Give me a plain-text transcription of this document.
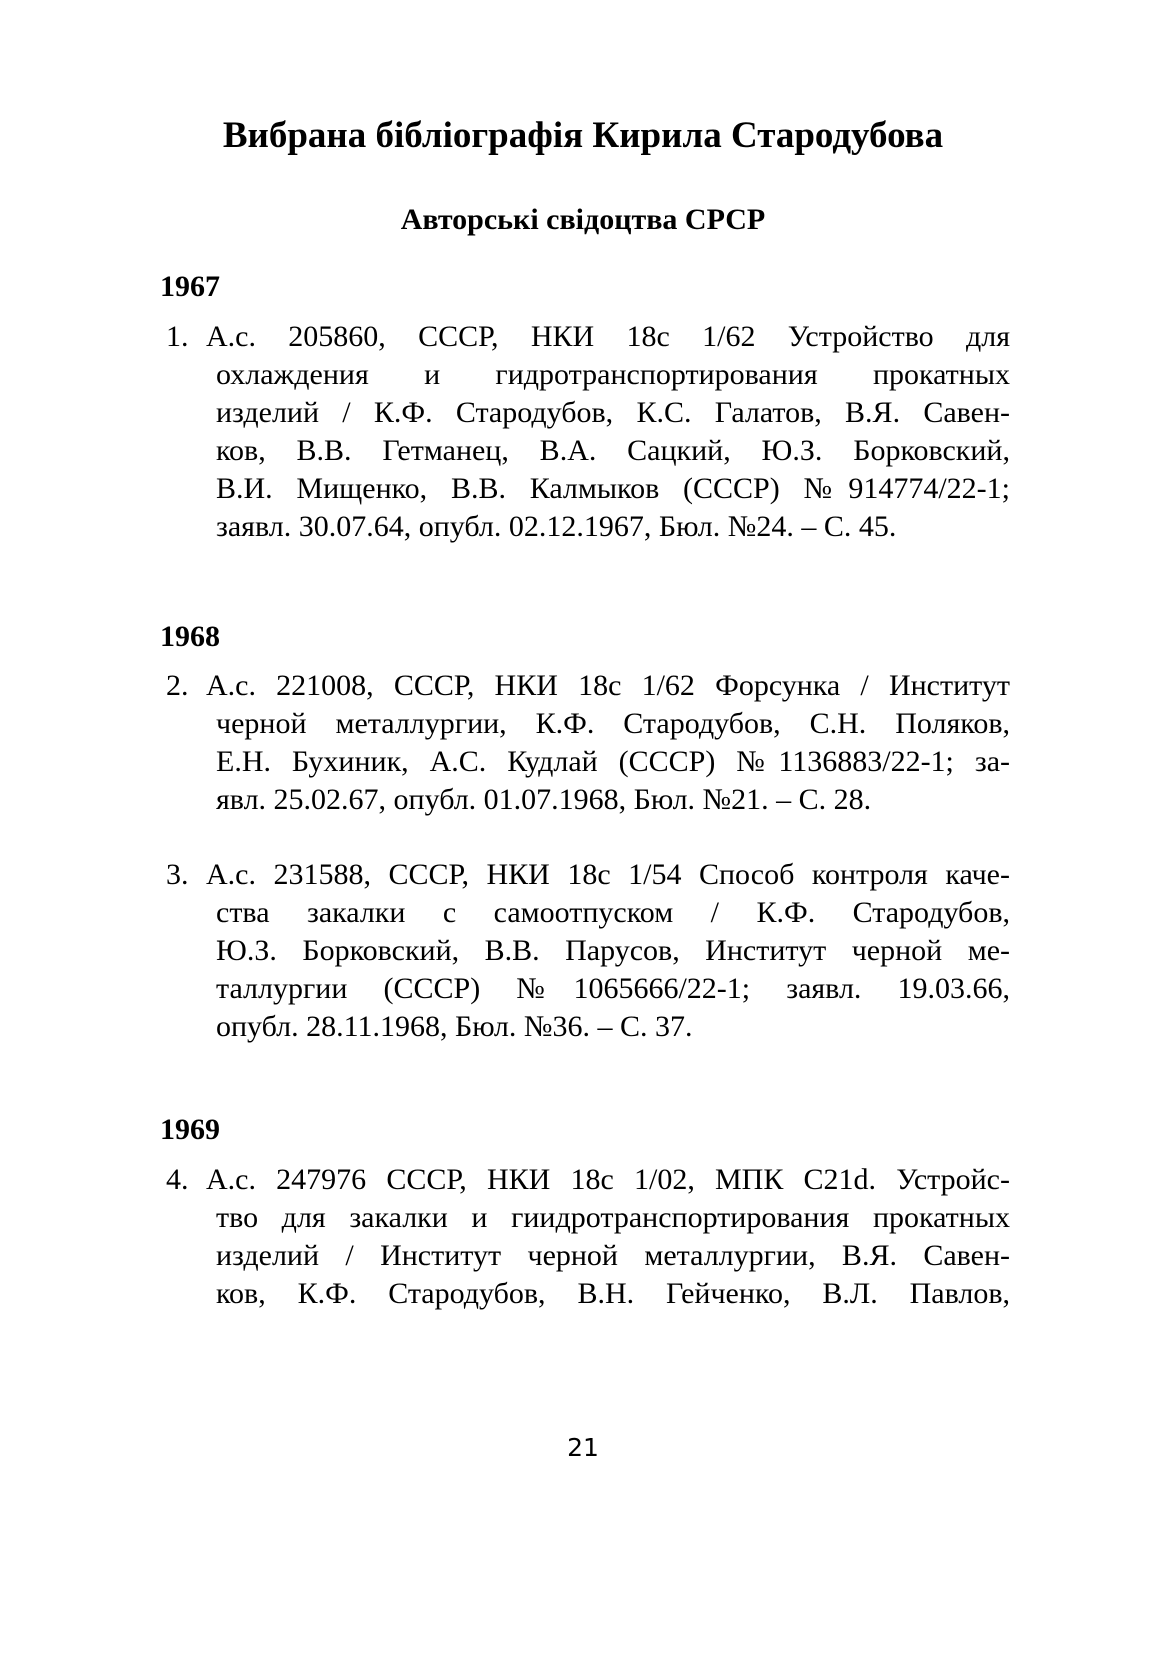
Вибрана бібліографія Кирила Стародубова
Авторські свідоцтва СРСР
1967
1. А.с. 205860, СССР, НКИ 18с 1/62 Устройство для
охлаждения и гидротранспортирования прокатных
изделий / К.Ф. Стародубов, К.С. Галатов, В.Я. Савен-
ков, В.В. Гетманец, В.А. Сацкий, Ю.З. Борковский,
В.И. Мищенко, В.В. Калмыков (СССР) №914774/22-1;
заявл. 30.07.64, опубл. 02.12.1967, Бюл. №24. – С. 45.
1968
2. А.с. 221008, СССР, НКИ 18с 1/62 Форсунка / Институт
черной металлургии, К.Ф. Стародубов, С.Н. Поляков,
Е.Н. Бухиник, А.С. Кудлай (СССР) №1136883/22-1; за-
явл. 25.02.67, опубл. 01.07.1968, Бюл. №21. – С. 28.
3. А.с. 231588, СССР, НКИ 18с 1/54 Способ контроля каче-
ства закалки с самоотпуском / К.Ф. Стародубов,
Ю.З. Борковский, В.В. Парусов, Институт черной ме-
таллургии (СССР) №1065666/22-1; заявл. 19.03.66,
опубл. 28.11.1968, Бюл. №36. – С. 37.
1969
4. А.с. 247976 СССР, НКИ 18с 1/02, МПК С21d. Устройс-
тво для закалки и гиидротранспортирования прокатных
изделий / Институт черной металлургии, В.Я. Савен-
ков, К.Ф. Стародубов, В.Н. Гейченко, В.Л. Павлов,
21
